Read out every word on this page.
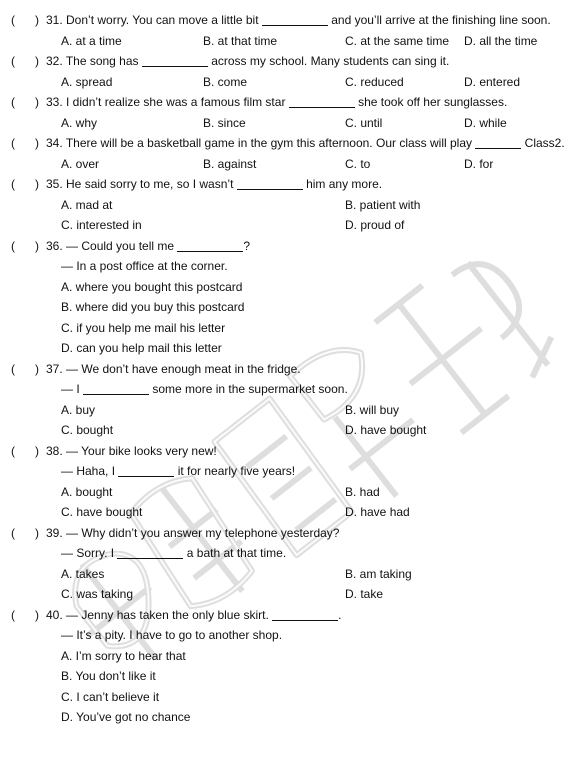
( ) 31. Don’t worry. You can move a little bit	and you’ll arrive at the finishing line soon.
A. at a time	B. at that time	C. at the same time D. all the time
( ) 32. The song has	across my school. Many students can sing it.
A. spread	B. come	C. reduced	D. entered
( ) 33. I didn’t realize she was a famous film star	she took off her sunglasses.
A. why	B. since	C. until	D. while
( ) 34. There will be a basketball game in the gym this afternoon. Our class will play	Class2.
A. over	B. against	C. to	D. for
( ) 35. He said sorry to me, so I wasn’t	him any more.
A. mad at	B. patient with
C. interested in	D. proud of
( ) 36. — Could you tell me	?
— In a post office at the corner.
A. where you bought this postcard
B. where did you buy this postcard
C. if you help me mail his letter
D. can you help mail this letter
( ) 37. — We don’t have enough meat in the fridge.
— I	some more in the supermarket soon.
A. buy	B. will buy
C. bought	D. have bought
( ) 38. — Your bike looks very new!
— Haha, I	it for nearly five years!
A. bought	B. had
C. have bought	D. have had
( ) 39. — Why didn’t you answer my telephone yesterday?
— Sorry. I	a bath at that time.
A. takes	B. am taking
C. was taking	D. take
( ) 40. — Jenny has taken the only blue skirt.	.
— It’s a pity. I have to go to another shop.
A. I’m sorry to hear that
B. You don’t like it
C. I can’t believe it
D. You’ve got no chance
